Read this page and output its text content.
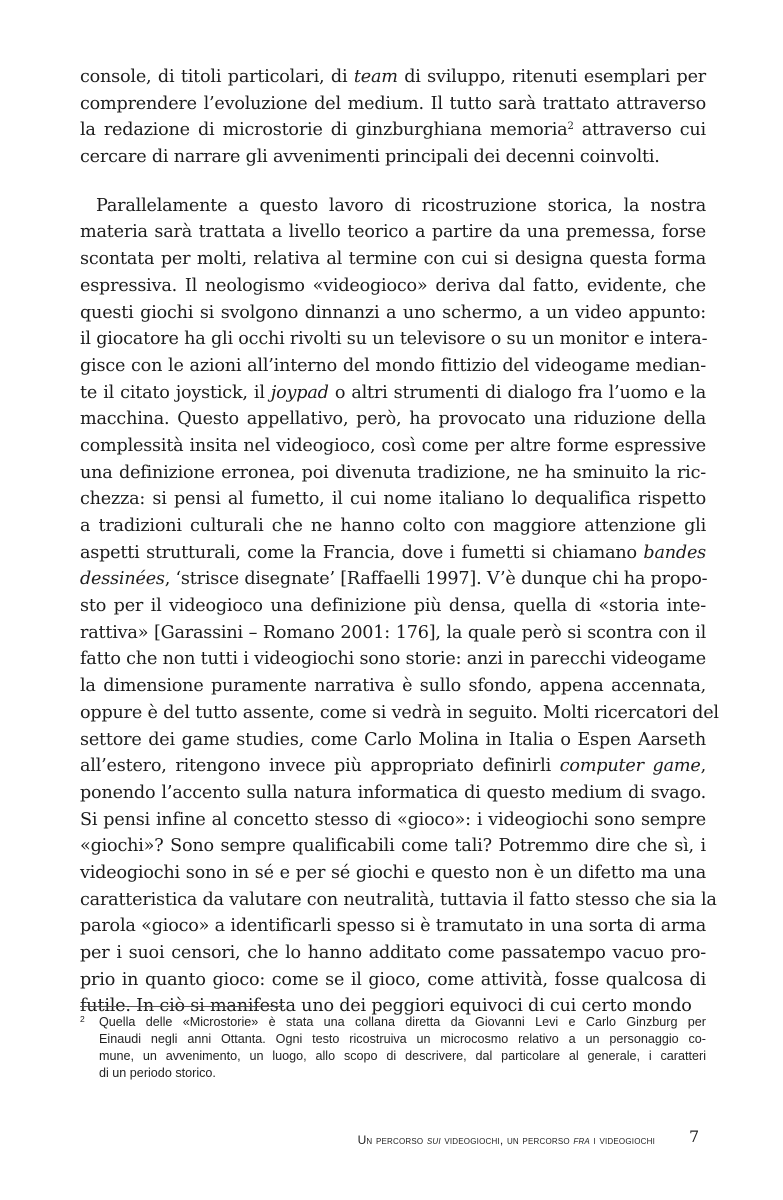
console, di titoli particolari, di team di sviluppo, ritenuti esemplari per
comprendere l’evoluzione del medium. Il tutto sarà trattato attraverso
la redazione di microstorie di ginzburghiana memoria$^2$ attraverso cui
cercare di narrare gli avvenimenti principali dei decenni coinvolti.
Parallelamente a questo lavoro di ricostruzione storica, la nostra
materia sarà trattata a livello teorico a partire da una premessa, forse
scontata per molti, relativa al termine con cui si designa questa forma
espressiva. Il neologismo «videogioco» deriva dal fatto, evidente, che
questi giochi si svolgono dinnanzi a uno schermo, a un video appunto:
il giocatore ha gli occhi rivolti su un televisore o su un monitor e intera-
gisce con le azioni all’interno del mondo fittizio del videogame median-
te il citato joystick, il joypad o altri strumenti di dialogo fra l’uomo e la
macchina. Questo appellativo, però, ha provocato una riduzione della
complessità insita nel videogioco, così come per altre forme espressive
una definizione erronea, poi divenuta tradizione, ne ha sminuito la ric-
chezza: si pensi al fumetto, il cui nome italiano lo dequalifica rispetto
a tradizioni culturali che ne hanno colto con maggiore attenzione gli
aspetti strutturali, come la Francia, dove i fumetti si chiamano bandes
dessinées, ‘strisce disegnate’ [Raffaelli 1997]. V’è dunque chi ha propo-
sto per il videogioco una definizione più densa, quella di «storia inte-
rattiva» [Garassini – Romano 2001: 176], la quale però si scontra con il
fatto che non tutti i videogiochi sono storie: anzi in parecchi videogame
la dimensione puramente narrativa è sullo sfondo, appena accennata,
oppure è del tutto assente, come si vedrà in seguito. Molti ricercatori del
settore dei game studies, come Carlo Molina in Italia o Espen Aarseth
all’estero, ritengono invece più appropriato definirli computer game,
ponendo l’accento sulla natura informatica di questo medium di svago.
Si pensi infine al concetto stesso di «gioco»: i videogiochi sono sempre
«giochi»? Sono sempre qualificabili come tali? Potremmo dire che sì, i
videogiochi sono in sé e per sé giochi e questo non è un difetto ma una
caratteristica da valutare con neutralità, tuttavia il fatto stesso che sia la
parola «gioco» a identificarli spesso si è tramutato in una sorta di arma
per i suoi censori, che lo hanno additato come passatempo vacuo pro-
prio in quanto gioco: come se il gioco, come attività, fosse qualcosa di
futile. In ciò si manifesta uno dei peggiori equivoci di cui certo mondo
2 Quella delle «Microstorie» è stata una collana diretta da Giovanni Levi e Carlo Ginzburg per
Einaudi negli anni Ottanta. Ogni testo ricostruiva un microcosmo relativo a un personaggio co-
mune, un avvenimento, un luogo, allo scopo di descrivere, dal particolare al generale, i caratteri
di un periodo storico.
Un percorso sui videogiochi, un percorso fra i videogiochi 7
